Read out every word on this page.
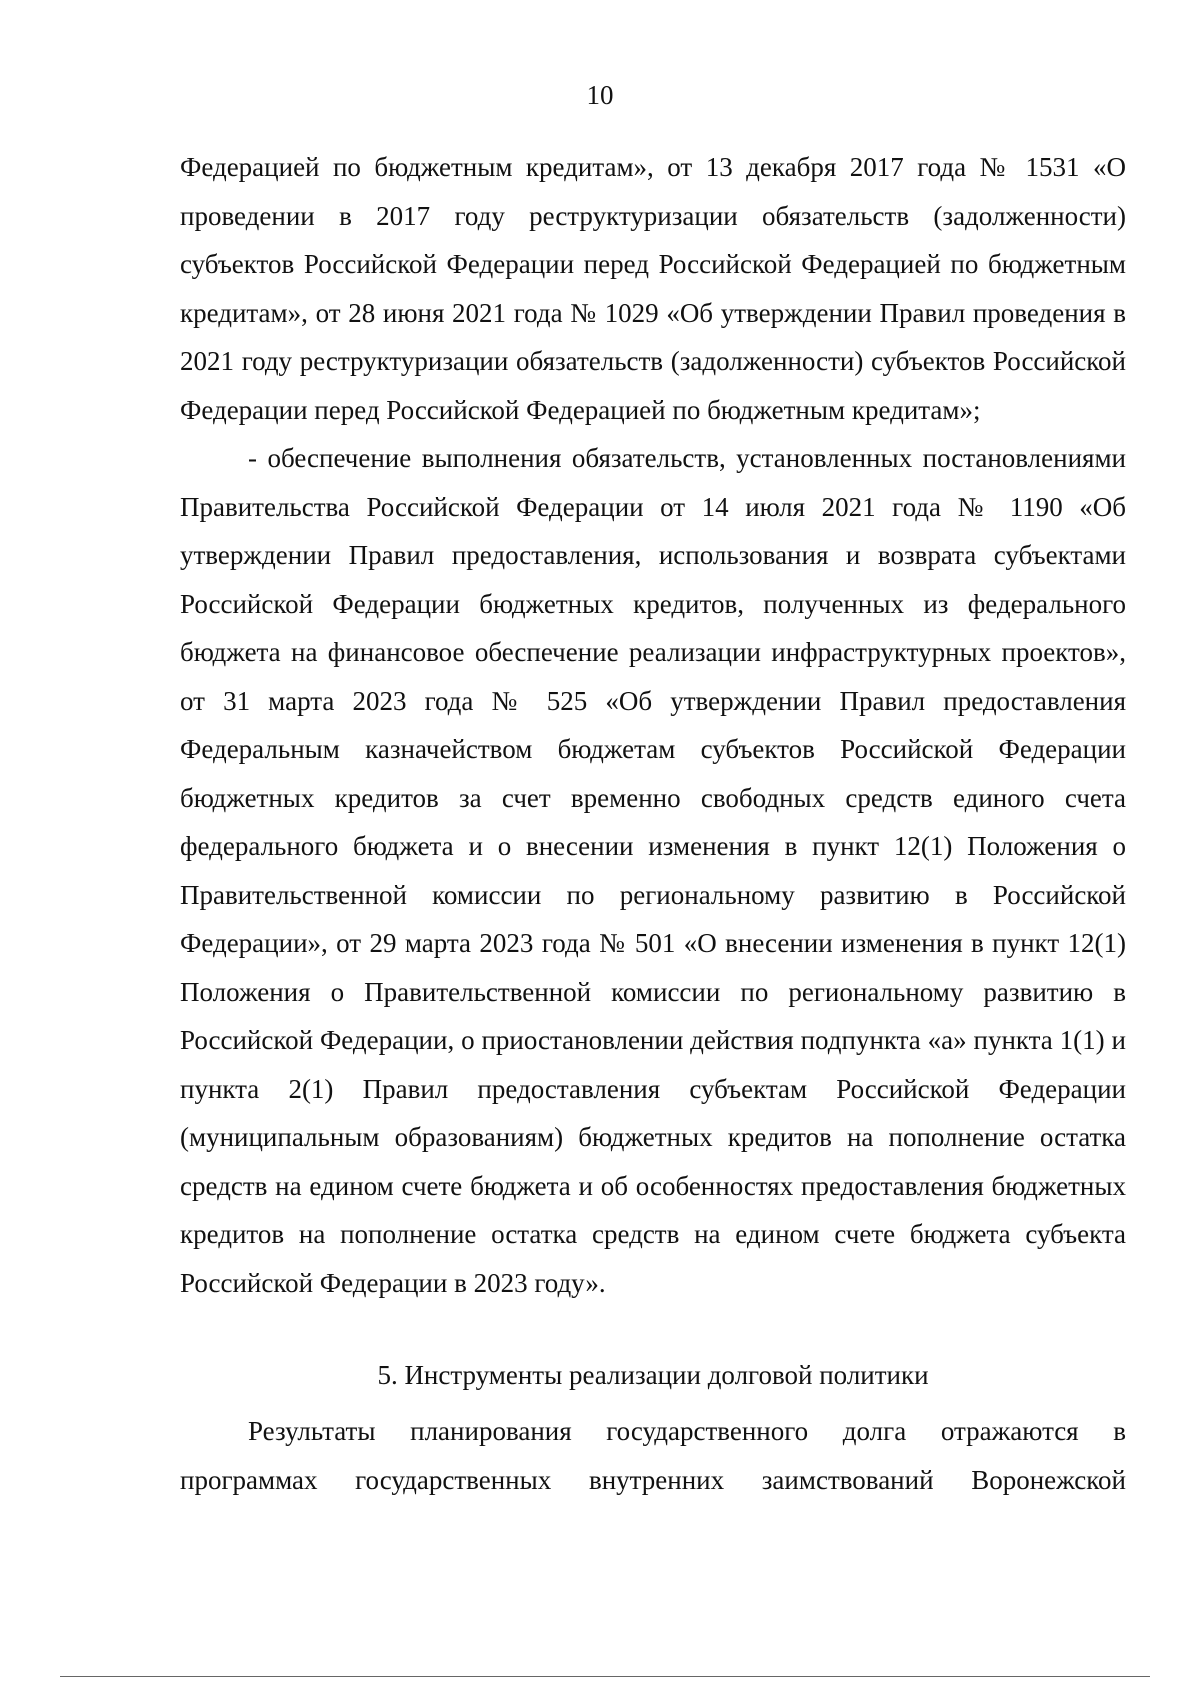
10

Федерацией по бюджетным кредитам», от 13 декабря 2017 года № 1531 «О проведении в 2017 году реструктуризации обязательств (задолженности) субъектов Российской Федерации перед Российской Федерацией по бюджетным кредитам», от 28 июня 2021 года № 1029 «Об утверждении Правил проведения в 2021 году реструктуризации обязательств (задолженности) субъектов Российской Федерации перед Российской Федерацией по бюджетным кредитам»;

- обеспечение выполнения обязательств, установленных постановлениями Правительства Российской Федерации от 14 июля 2021 года № 1190 «Об утверждении Правил предоставления, использования и возврата субъектами Российской Федерации бюджетных кредитов, полученных из федерального бюджета на финансовое обеспечение реализации инфраструктурных проектов», от 31 марта 2023 года № 525 «Об утверждении Правил предоставления Федеральным казначейством бюджетам субъектов Российской Федерации бюджетных кредитов за счет временно свободных средств единого счета федерального бюджета и о внесении изменения в пункт 12(1) Положения о Правительственной комиссии по региональному развитию в Российской Федерации», от 29 марта 2023 года № 501 «О внесении изменения в пункт 12(1) Положения о Правительственной комиссии по региональному развитию в Российской Федерации, о приостановлении действия подпункта «а» пункта 1(1) и пункта 2(1) Правил предоставления субъектам Российской Федерации (муниципальным образованиям) бюджетных кредитов на пополнение остатка средств на едином счете бюджета и об особенностях предоставления бюджетных кредитов на пополнение остатка средств на едином счете бюджета субъекта Российской Федерации в 2023 году».

5. Инструменты реализации долговой политики

Результаты планирования государственного долга отражаются в программах государственных внутренних заимствований Воронежской
